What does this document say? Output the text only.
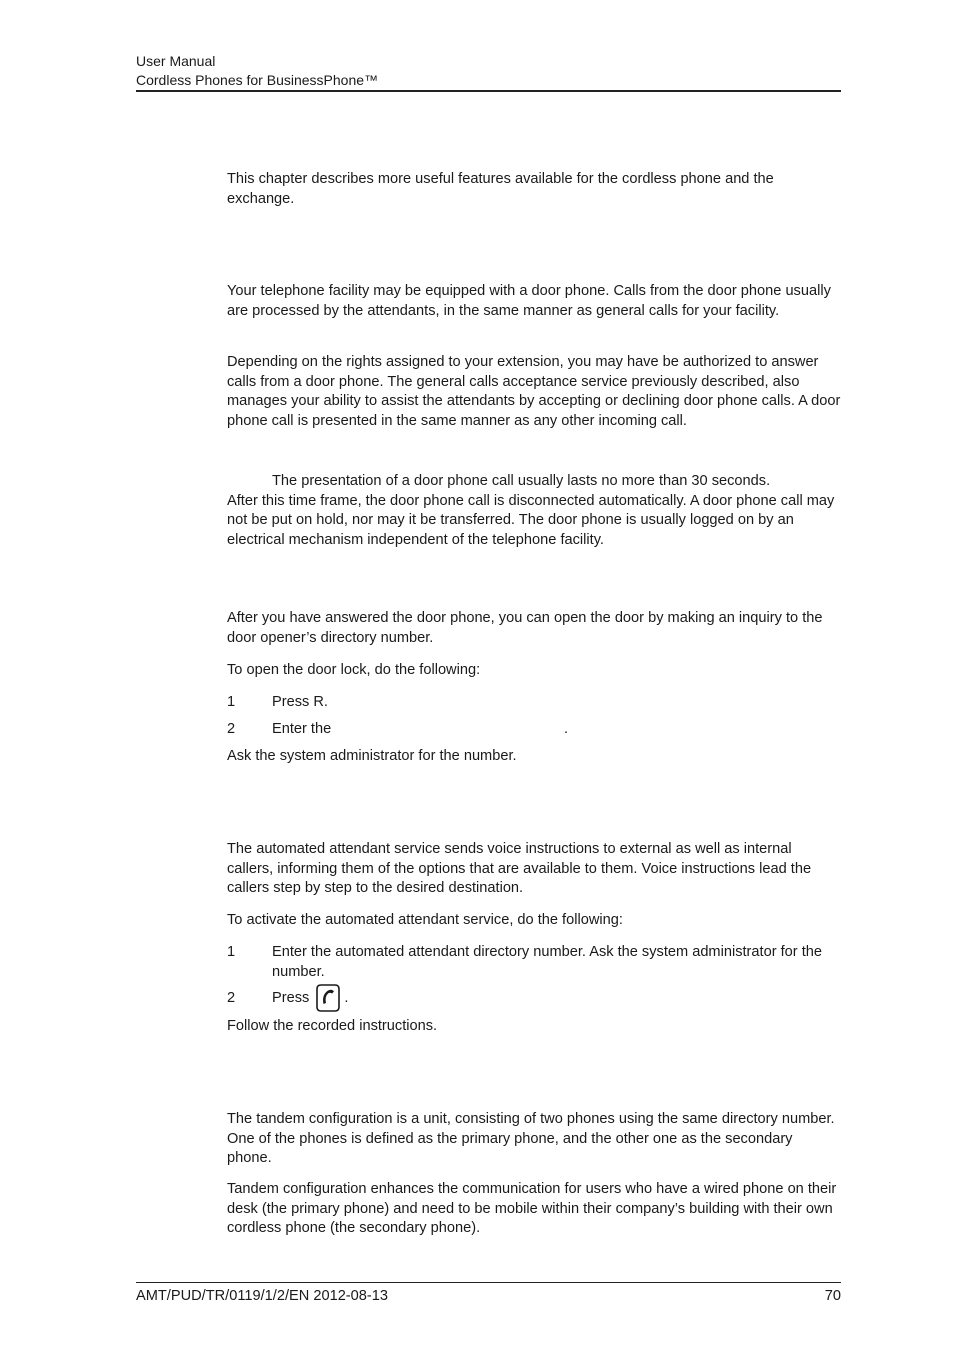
User Manual
Cordless Phones for BusinessPhone™

This chapter describes more useful features available for the cordless phone and the exchange.

Your telephone facility may be equipped with a door phone. Calls from the door phone usually are processed by the attendants, in the same manner as general calls for your facility.

Depending on the rights assigned to your extension, you may have be authorized to answer calls from a door phone. The general calls acceptance service previously described, also manages your ability to assist the attendants by accepting or declining door phone calls. A door phone call is presented in the same manner as any other incoming call.

The presentation of a door phone call usually lasts no more than 30 seconds.
After this time frame, the door phone call is disconnected automatically. A door phone call may not be put on hold, nor may it be transferred. The door phone is usually logged on by an electrical mechanism independent of the telephone facility.

After you have answered the door phone, you can open the door by making an inquiry to the door opener’s directory number.

To open the door lock, do the following:

1	Press R.
2	Enter the	.

Ask the system administrator for the number.

The automated attendant service sends voice instructions to external as well as internal callers, informing them of the options that are available to them. Voice instructions lead the callers step by step to the desired destination.

To activate the automated attendant service, do the following:

1	Enter the automated attendant directory number. Ask the system administrator for the number.
2	Press .

Follow the recorded instructions.

The tandem configuration is a unit, consisting of two phones using the same directory number. One of the phones is defined as the primary phone, and the other one as the secondary phone.

Tandem configuration enhances the communication for users who have a wired phone on their desk (the primary phone) and need to be mobile within their company’s building with their own cordless phone (the secondary phone).

AMT/PUD/TR/0119/1/2/EN 2012-08-13	70
